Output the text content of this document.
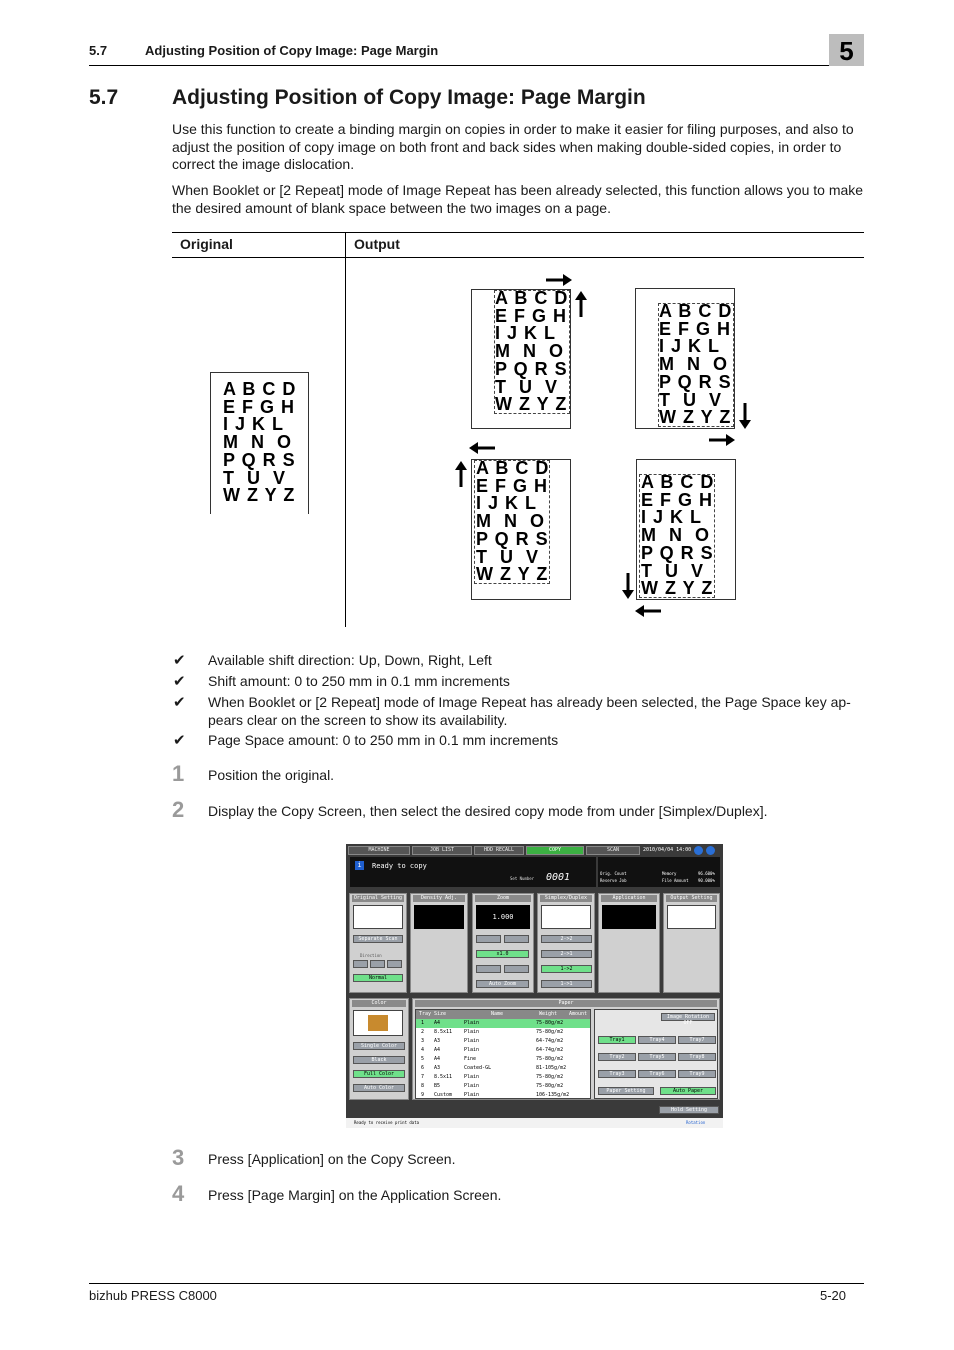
5.7	Adjusting Position of Copy Image: Page Margin	5
5.7	Adjusting Position of Copy Image: Page Margin
Use this function to create a binding margin on copies in order to make it easier for filing purposes, and also to adjust the position of copy image on both front and back sides when making double-sided copies, in order to correct the image dislocation.
When Booklet or [2 Repeat] mode of Image Repeat has been already selected, this function allows you to make the desired amount of blank space between the two images on a page.
Original	Output
A B C D
E F G H
I J K L
M  N  O
P Q R S
T  U  V
W Z Y Z
A B C D
E F G H
I J K L
M  N  O
P Q R S
T  U  V
W Z Y Z
A B C D
E F G H
I J K L
M  N  O
P Q R S
T  U  V
W Z Y Z
A B C D
E F G H
I J K L
M  N  O
P Q R S
T  U  V
W Z Y Z
A B C D
E F G H
I J K L
M  N  O
P Q R S
T  U  V
W Z Y Z
✔ Available shift direction: Up, Down, Right, Left
✔ Shift amount: 0 to 250 mm in 0.1 mm increments
✔ When Booklet or [2 Repeat] mode of Image Repeat has already been selected, the Page Space key ap-pears clear on the screen to show its availability.
✔ Page Space amount: 0 to 250 mm in 0.1 mm increments
1 Position the original.
2 Display the Copy Screen, then select the desired copy mode from under [Simplex/Duplex].
MACHINE	JOB LIST	HDD RECALL	COPY	SCAN	2010/04/04 14:00
i	Ready to copy
Set Number 0001	Orig. Count
Reserve Job
Memory	96.600%
File Amount 90.000%
Original Setting
Separate Scan
Direction
Normal
Density Adj.	Zoom
1.000
x1.0
Auto Zoom
Simplex/Duplex
2->2
2->1
1->2
1->1
Application	Output Setting
Color
Single Color
Black
Full Color
Auto Color
Paper
Tray Size	Name	Weight Amount
1 A4	Plain	75-80g/m2
2 8.5x11 Plain	75-80g/m2
3 A3	Plain	64-74g/m2
4 A4	Plain	64-74g/m2
5 A4	Fine	75-80g/m2
6 A3	Coated-GL	81-105g/m2
7 8.5x11 Plain	75-80g/m2
8 B5	Plain	75-80g/m2
9 Custom Plain	106-135g/m2
Image Rotation OFF
Tray1	Tray4	Tray7
Tray2	Tray5	Tray8
Tray3	Tray6	Tray9
Paper Setting	Auto Paper
Hold Setting
Ready to receive print data	Rotation
3 Press [Application] on the Copy Screen.
4 Press [Page Margin] on the Application Screen.
bizhub PRESS C8000	5-20
